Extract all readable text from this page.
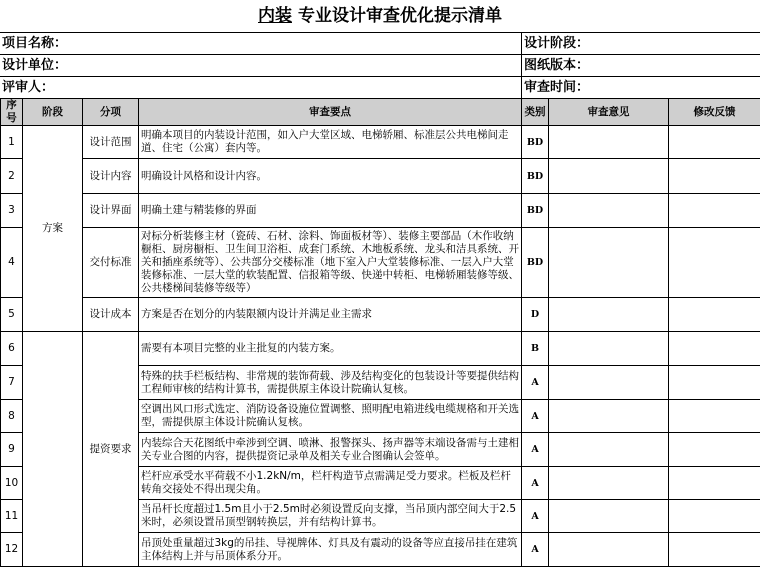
内装 专业设计审查优化提示清单
项目名称：	设计阶段：
设计单位：	图纸版本：
评审人：	审查时间：
序号	阶段	分项	审查要点	类别	审查意见	修改反馈
1	方案	设计范围	明确本项目的内装设计范围，如入户大堂区域、电梯轿厢、标准层公共电梯间走道、住宅（公寓）套内等。	BD		
2		设计内容	明确设计风格和设计内容。	BD		
3		设计界面	明确土建与精装修的界面	BD		
4		交付标准	对标分析装修主材（瓷砖、石材、涂料、饰面板材等）、装修主要部品（木作收纳橱柜、厨房橱柜、卫生间卫浴柜、成套门系统、木地板系统、龙头和洁具系统、开关和插座系统等）、公共部分交楼标准（地下室入户大堂装修标准、一层入户大堂装修标准、一层大堂的软装配置、信报箱等级、快递中转柜、电梯轿厢装修等级、公共楼梯间装修等级等）	BD		
5		设计成本	方案是否在划分的内装限额内设计并满足业主需求	D		
6		提资要求	需要有本项目完整的业主批复的内装方案。	B		
7			特殊的扶手栏板结构、非常规的装饰荷载、涉及结构变化的包装设计等要提供结构工程师审核的结构计算书，需提供原主体设计院确认复核。	A		
8			空调出风口形式选定、消防设备设施位置调整、照明配电箱进线电缆规格和开关选型，需提供原主体设计院确认复核。	A		
9			内装综合天花图纸中牵涉到空调、喷淋、报警探头、扬声器等末端设备需与土建相关专业合图的内容，提供提资记录单及相关专业合图确认会签单。	A		
10			栏杆应承受水平荷载不小1.2kN/m，栏杆构造节点需满足受力要求。栏板及栏杆转角交接处不得出现尖角。	A		
11			当吊杆长度超过1.5m且小于2.5m时必须设置反向支撑，当吊顶内部空间大于2.5米时，必须设置吊顶型钢转换层，并有结构计算书。	A		
12			吊顶处重量超过3kg的吊挂、导视牌体、灯具及有震动的设备等应直接吊挂在建筑主体结构上并与吊顶体系分开。	A		
